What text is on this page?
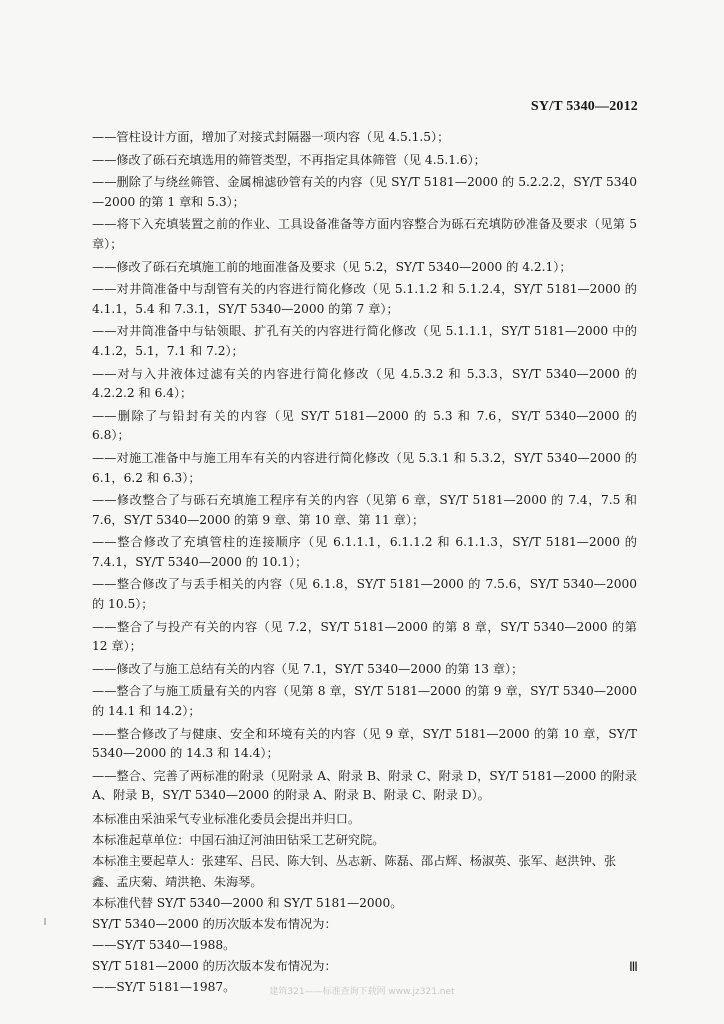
SY/T 5340—2012

——管柱设计方面，增加了对接式封隔器一项内容（见 4.5.1.5）；

——修改了砾石充填选用的筛管类型，不再指定具体筛管（见 4.5.1.6）；

——删除了与绕丝筛管、金属棉滤砂管有关的内容（见 SY/T 5181—2000 的 5.2.2.2，SY/T 5340—2000 的第 1 章和 5.3）；

——将下入充填装置之前的作业、工具设备准备等方面内容整合为砾石充填防砂准备及要求（见第 5 章）；

——修改了砾石充填施工前的地面准备及要求（见 5.2，SY/T 5340—2000 的 4.2.1）；

——对井筒准备中与刮管有关的内容进行简化修改（见 5.1.1.2 和 5.1.2.4，SY/T 5181—2000 的 4.1.1，5.4 和 7.3.1，SY/T 5340—2000 的第 7 章）；

——对井筒准备中与钻领眼、扩孔有关的内容进行简化修改（见 5.1.1.1，SY/T 5181—2000 中的 4.1.2，5.1，7.1 和 7.2）；

——对与入井液体过滤有关的内容进行简化修改（见 4.5.3.2 和 5.3.3，SY/T 5340—2000 的 4.2.2.2 和 6.4）；

——删除了与铅封有关的内容（见 SY/T 5181—2000 的 5.3 和 7.6，SY/T 5340—2000 的 6.8）；

——对施工准备中与施工用车有关的内容进行简化修改（见 5.3.1 和 5.3.2，SY/T 5340—2000 的 6.1，6.2 和 6.3）；

——修改整合了与砾石充填施工程序有关的内容（见第 6 章，SY/T 5181—2000 的 7.4，7.5 和 7.6，SY/T 5340—2000 的第 9 章、第 10 章、第 11 章）；

——整合修改了充填管柱的连接顺序（见 6.1.1.1，6.1.1.2 和 6.1.1.3，SY/T 5181—2000 的 7.4.1，SY/T 5340—2000 的 10.1）；

——整合修改了与丢手相关的内容（见 6.1.8，SY/T 5181—2000 的 7.5.6，SY/T 5340—2000 的 10.5）；

——整合了与投产有关的内容（见 7.2，SY/T 5181—2000 的第 8 章，SY/T 5340—2000 的第 12 章）；

——修改了与施工总结有关的内容（见 7.1，SY/T 5340—2000 的第 13 章）；

——整合了与施工质量有关的内容（见第 8 章，SY/T 5181—2000 的第 9 章，SY/T 5340—2000 的 14.1 和 14.2）；

——整合修改了与健康、安全和环境有关的内容（见 9 章，SY/T 5181—2000 的第 10 章，SY/T 5340—2000 的 14.3 和 14.4）；

——整合、完善了两标准的附录（见附录 A、附录 B、附录 C、附录 D，SY/T 5181—2000 的附录 A、附录 B，SY/T 5340—2000 的附录 A、附录 B、附录 C、附录 D）。

本标准由采油采气专业标准化委员会提出并归口。

本标准起草单位：中国石油辽河油田钻采工艺研究院。

本标准主要起草人：张建军、吕民、陈大钊、丛志新、陈磊、邵占辉、杨淑英、张军、赵洪钟、张鑫、孟庆菊、靖洪艳、朱海琴。

本标准代替 SY/T 5340—2000 和 SY/T 5181—2000。

SY/T 5340—2000 的历次版本发布情况为：

——SY/T 5340—1988。

SY/T 5181—2000 的历次版本发布情况为：

——SY/T 5181—1987。

Ⅲ
建筑321——标准查询下载网 www.jz321.net
